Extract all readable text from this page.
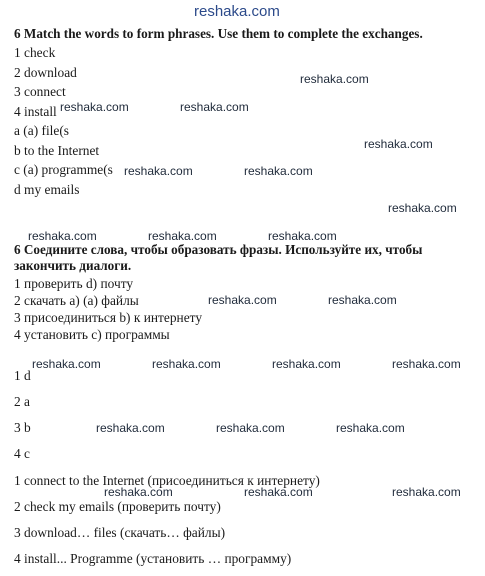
reshaka.com
6 Match the words to form phrases. Use them to complete the exchanges.
1 check
2 download
3 connect
4 install
a (a) file(s
b to the Internet
c (a) programme(s
d my emails
6 Соедините слова, чтобы образовать фразы. Используйте их, чтобы
закончить диалоги.
1 проверить d) почту
2 скачать a) (a) файлы
3 присоединиться b) к интернету
4 установить c) программы
1 d
2 a
3 b
4 c
1 connect to the Internet (присоединиться к интернету)
2 check my emails (проверить почту)
3 download… files (скачать… файлы)
4 install... Programme (установить … программу)
reshaka.com
reshaka.com	reshaka.com
reshaka.com
reshaka.com	reshaka.com
reshaka.com
reshaka.com	reshaka.com	reshaka.com
reshaka.com	reshaka.com
reshaka.com	reshaka.com	reshaka.com	reshaka.com
reshaka.com	reshaka.com	reshaka.com
reshaka.com	reshaka.com	reshaka.com
